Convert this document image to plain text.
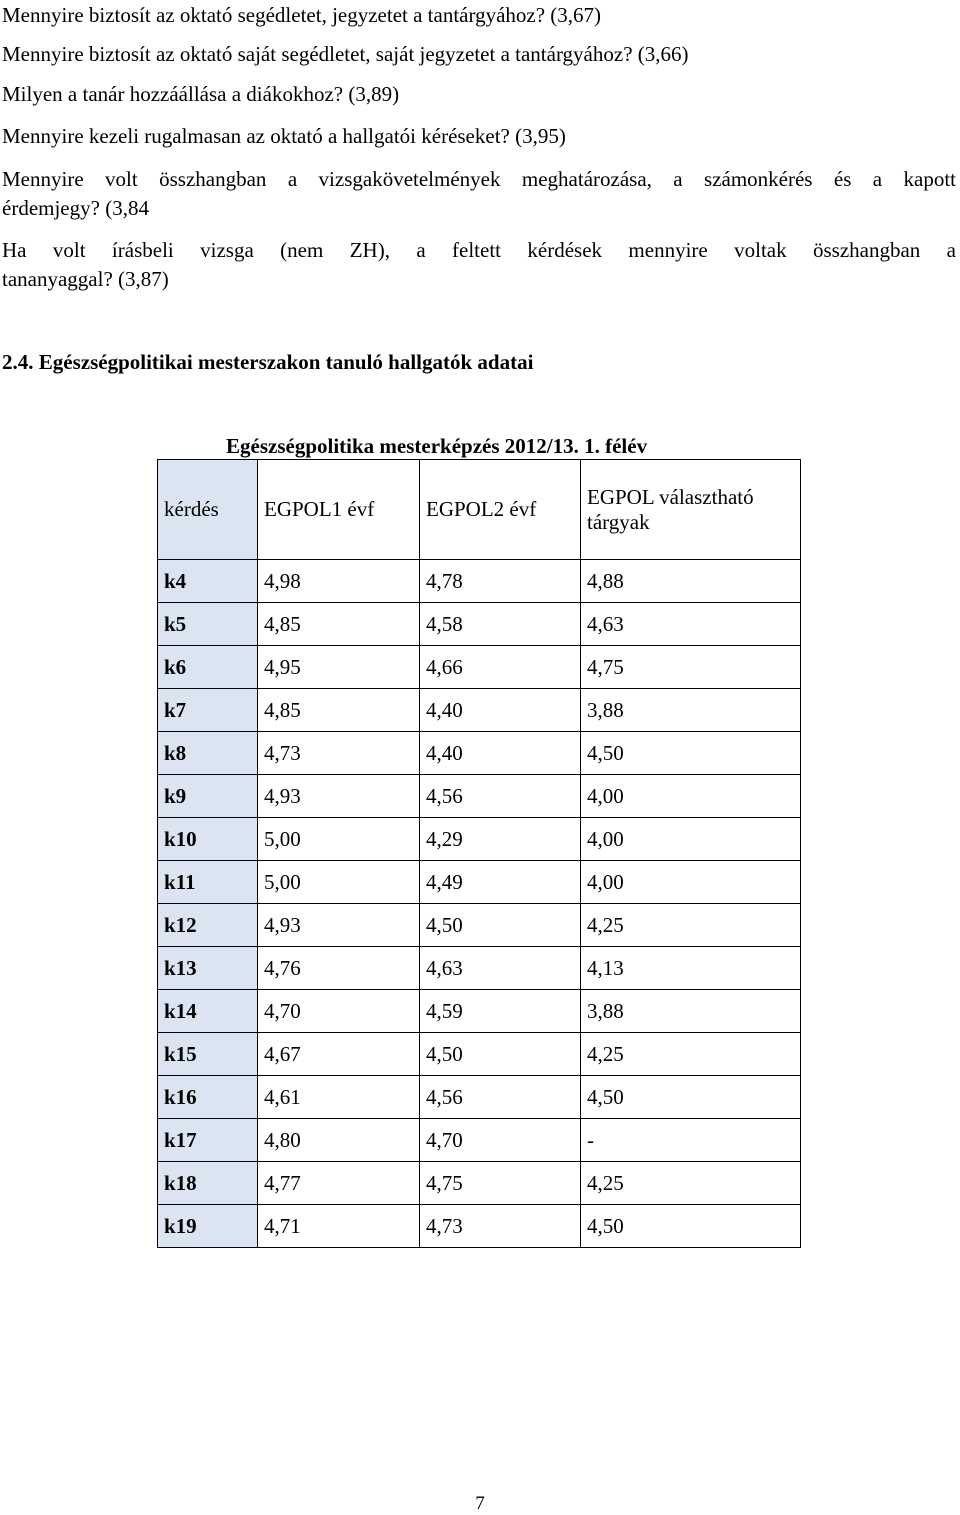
Mennyire biztosít az oktató segédletet, jegyzetet a tantárgyához? (3,67)
Mennyire biztosít az oktató saját segédletet, saját jegyzetet a tantárgyához? (3,66)
Milyen a tanár hozzáállása a diákokhoz? (3,89)
Mennyire kezeli rugalmasan az oktató a hallgatói kéréseket? (3,95)
Mennyire volt összhangban a vizsgakövetelmények meghatározása, a számonkérés és a kapott
érdemjegy? (3,84
Ha volt írásbeli vizsga (nem ZH), a feltett kérdések mennyire voltak összhangban a
tananyaggal? (3,87)
2.4. Egészségpolitikai mesterszakon tanuló hallgatók adatai
Egészségpolitika mesterképzés 2012/13. 1. félév
kérdés	EGPOL1 évf	EGPOL2 évf	EGPOL választható tárgyak
k4	4,98	4,78	4,88
k5	4,85	4,58	4,63
k6	4,95	4,66	4,75
k7	4,85	4,40	3,88
k8	4,73	4,40	4,50
k9	4,93	4,56	4,00
k10	5,00	4,29	4,00
k11	5,00	4,49	4,00
k12	4,93	4,50	4,25
k13	4,76	4,63	4,13
k14	4,70	4,59	3,88
k15	4,67	4,50	4,25
k16	4,61	4,56	4,50
k17	4,80	4,70	-
k18	4,77	4,75	4,25
k19	4,71	4,73	4,50
7
